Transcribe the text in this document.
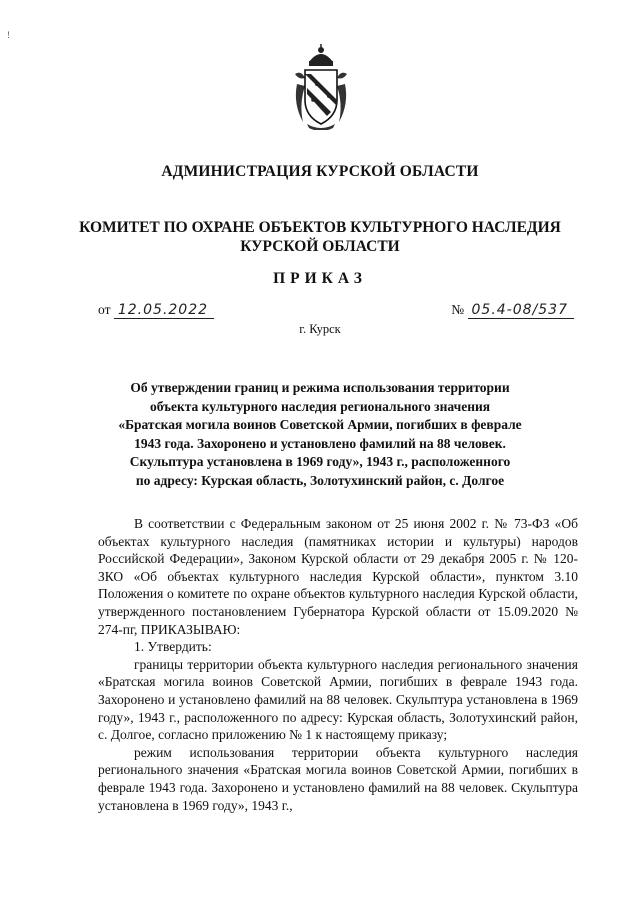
!
АДМИНИСТРАЦИЯ КУРСКОЙ ОБЛАСТИ
КОМИТЕТ ПО ОХРАНЕ ОБЪЕКТОВ КУЛЬТУРНОГО НАСЛЕДИЯ
КУРСКОЙ ОБЛАСТИ
ПРИКАЗ
от 12.05.2022	№ 05.4-08/537
г. Курск
Об утверждении границ и режима использования территории
объекта культурного наследия регионального значения
«Братская могила воинов Советской Армии, погибших в феврале
1943 года. Захоронено и установлено фамилий на 88 человек.
Скульптура установлена в 1969 году», 1943 г., расположенного
по адресу: Курская область, Золотухинский район, с. Долгое

В соответствии с Федеральным законом от 25 июня 2002 г. № 73-ФЗ «Об объектах культурного наследия (памятниках истории и культуры) народов Российской Федерации», Законом Курской области от 29 декабря 2005 г. № 120-ЗКО «Об объектах культурного наследия Курской области», пунктом 3.10 Положения о комитете по охране объектов культурного наследия Курской области, утвержденного постановлением Губернатора Курской области от 15.09.2020 № 274-пг, ПРИКАЗЫВАЮ:

1. Утвердить:

границы территории объекта культурного наследия регионального значения «Братская могила воинов Советской Армии, погибших в феврале 1943 года. Захоронено и установлено фамилий на 88 человек. Скульптура установлена в 1969 году», 1943 г., расположенного по адресу: Курская область, Золотухинский район, с. Долгое, согласно приложению № 1 к настоящему приказу;

режим использования территории объекта культурного наследия регионального значения «Братская могила воинов Советской Армии, погибших в феврале 1943 года. Захоронено и установлено фамилий на 88 человек. Скульптура установлена в 1969 году», 1943 г.,
